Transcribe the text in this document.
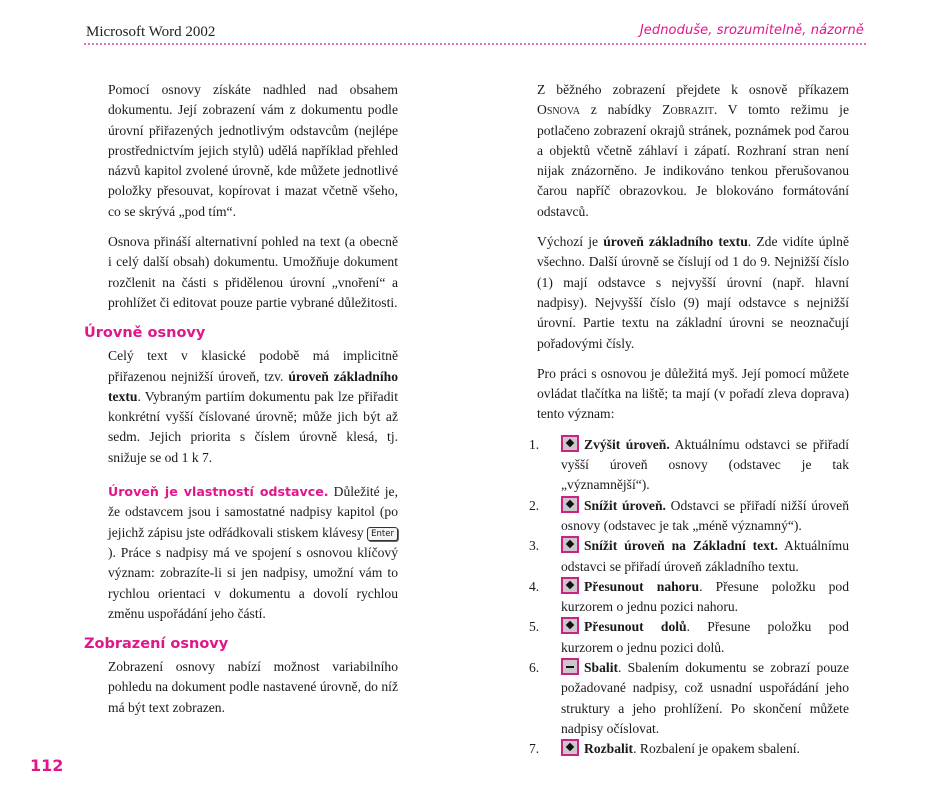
Microsoft Word 2002	Jednoduše, srozumitelně, názorně

Pomocí osnovy získáte nadhled nad obsahem dokumentu. Její zobrazení vám z dokumentu podle úrovní přiřazených jednotlivým odstavcům (nejlépe prostřednictvím jejich stylů) udělá například přehled názvů kapitol zvolené úrovně, kde můžete jednotlivé položky přesouvat, kopírovat i mazat včetně všeho, co se skrývá „pod tím“.

Osnova přináší alternativní pohled na text (a obecně i celý další obsah) dokumentu. Umožňuje dokument rozčlenit na části s přidělenou úrovní „vnoření“ a prohlížet či editovat pouze partie vybrané důležitosti.

Úrovně osnovy

Celý text v klasické podobě má implicitně přiřazenou nejnižší úroveň, tzv. úroveň základního textu. Vybraným partiím dokumentu pak lze přiřadit konkrétní vyšší číslované úrovně; může jich být až sedm. Jejich priorita s číslem úrovně klesá, tj. snižuje se od 1 k 7.

Úroveň je vlastností odstavce. Důležité je, že odstavcem jsou i samostatné nadpisy kapitol (po jejichž zápisu jste odřádkovali stiskem klávesy Enter). Práce s nadpisy má ve spojení s osnovou klíčový význam: zobrazíte-li si jen nadpisy, umožní vám to rychlou orientaci v dokumentu a dovolí rychlou změnu uspořádání jeho částí.

Zobrazení osnovy

Zobrazení osnovy nabízí možnost variabilního pohledu na dokument podle nastavené úrovně, do níž má být text zobrazen.

Z běžného zobrazení přejdete k osnově příkazem Osnova z nabídky Zobrazit. V tomto režimu je potlačeno zobrazení okrajů stránek, poznámek pod čarou a objektů včetně záhlaví i zápatí. Rozhraní stran není nijak znázorněno. Je indikováno tenkou přerušovanou čarou napříč obrazovkou. Je blokováno formátování odstavců.

Výchozí je úroveň základního textu. Zde vidíte úplně všechno. Další úrovně se číslují od 1 do 9. Nejnižší číslo (1) mají odstavce s nejvyšší úrovní (např. hlavní nadpisy). Nejvyšší číslo (9) mají odstavce s nejnižší úrovní. Partie textu na základní úrovni se neoznačují pořadovými čísly.

Pro práci s osnovou je důležitá myš. Její pomocí můžete ovládat tlačítka na liště; ta mají (v pořadí zleva doprava) tento význam:

1.	Zvýšit úroveň. Aktuálnímu odstavci se přiřadí vyšší úroveň osnovy (odstavec je tak „významnější“).
2.	Snížit úroveň. Odstavci se přiřadí nižší úroveň osnovy (odstavec je tak „méně významný“).
3.	Snížit úroveň na Základní text. Aktuálnímu odstavci se přiřadí úroveň základního textu.
4.	Přesunout nahoru. Přesune položku pod kurzorem o jednu pozici nahoru.
5.	Přesunout dolů. Přesune položku pod kurzorem o jednu pozici dolů.
6.	Sbalit. Sbalením dokumentu se zobrazí pouze požadované nadpisy, což usnadní uspořádání jeho struktury a jeho prohlížení. Po skončení můžete nadpisy očíslovat.
7.	Rozbalit. Rozbalení je opakem sbalení.
112
